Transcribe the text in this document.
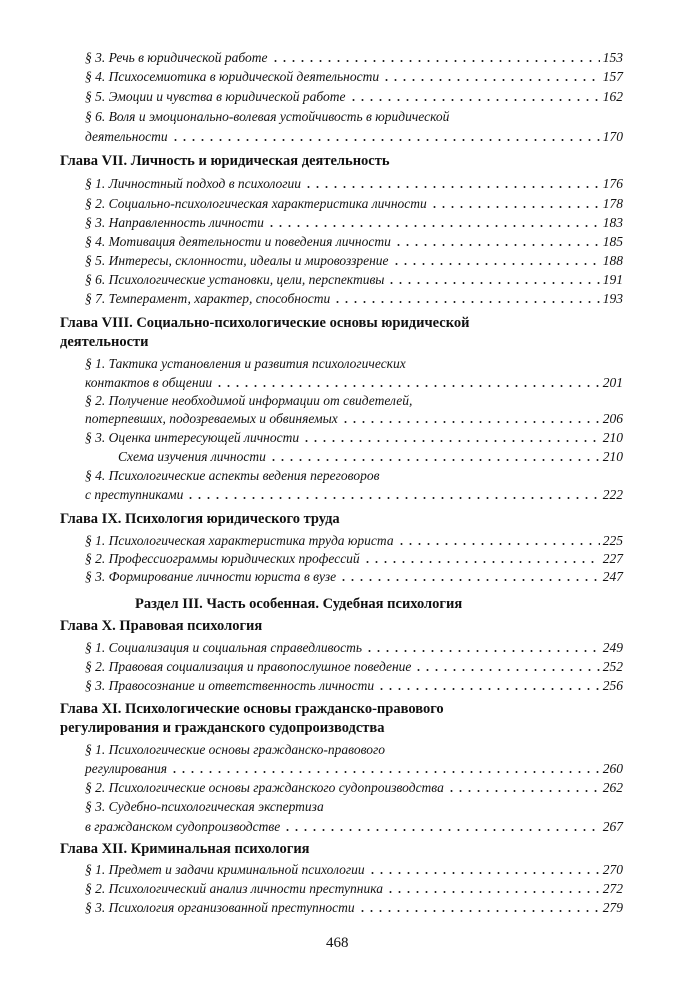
§ 3. Речь в юридической работе	153
§ 4. Психосемиотика в юридической деятельности	157
§ 5. Эмоции и чувства в юридической работе	162
§ 6. Воля и эмоционально-волевая устойчивость в юридической
деятельности	170
Глава VII. Личность и юридическая деятельность
§ 1. Личностный подход в психологии	176
§ 2. Социально-психологическая характеристика личности	178
§ 3. Направленность личности	183
§ 4. Мотивация деятельности и поведения личности	185
§ 5. Интересы, склонности, идеалы и мировоззрение	188
§ 6. Психологические установки, цели, перспективы	191
§ 7. Темперамент, характер, способности	193
Глава VIII. Социально-психологические основы юридической
деятельности
§ 1. Тактика установления и развития психологических
контактов в общении	201
§ 2. Получение необходимой информации от свидетелей,
потерпевших, подозреваемых и обвиняемых	206
§ 3. Оценка интересующей личности	210
Схема изучения личности	210
§ 4. Психологические аспекты ведения переговоров
с преступниками	222
Глава IX. Психология юридического труда
§ 1. Психологическая характеристика труда юриста	225
§ 2. Профессиограммы юридических профессий	227
§ 3. Формирование личности юриста в вузе	247
Раздел III. Часть особенная. Судебная психология
Глава X. Правовая психология
§ 1. Социализация и социальная справедливость	249
§ 2. Правовая социализация и правопослушное поведение	252
§ 3. Правосознание и ответственность личности	256
Глава XI. Психологические основы гражданско-правового
регулирования и гражданского судопроизводства
§ 1. Психологические основы гражданско-правового
регулирования	260
§ 2. Психологические основы гражданского судопроизводства	262
§ 3. Судебно-психологическая экспертиза
в гражданском судопроизводстве	267
Глава XII. Криминальная психология
§ 1. Предмет и задачи криминальной психологии	270
§ 2. Психологический анализ личности преступника	272
§ 3. Психология организованной преступности	279
468
